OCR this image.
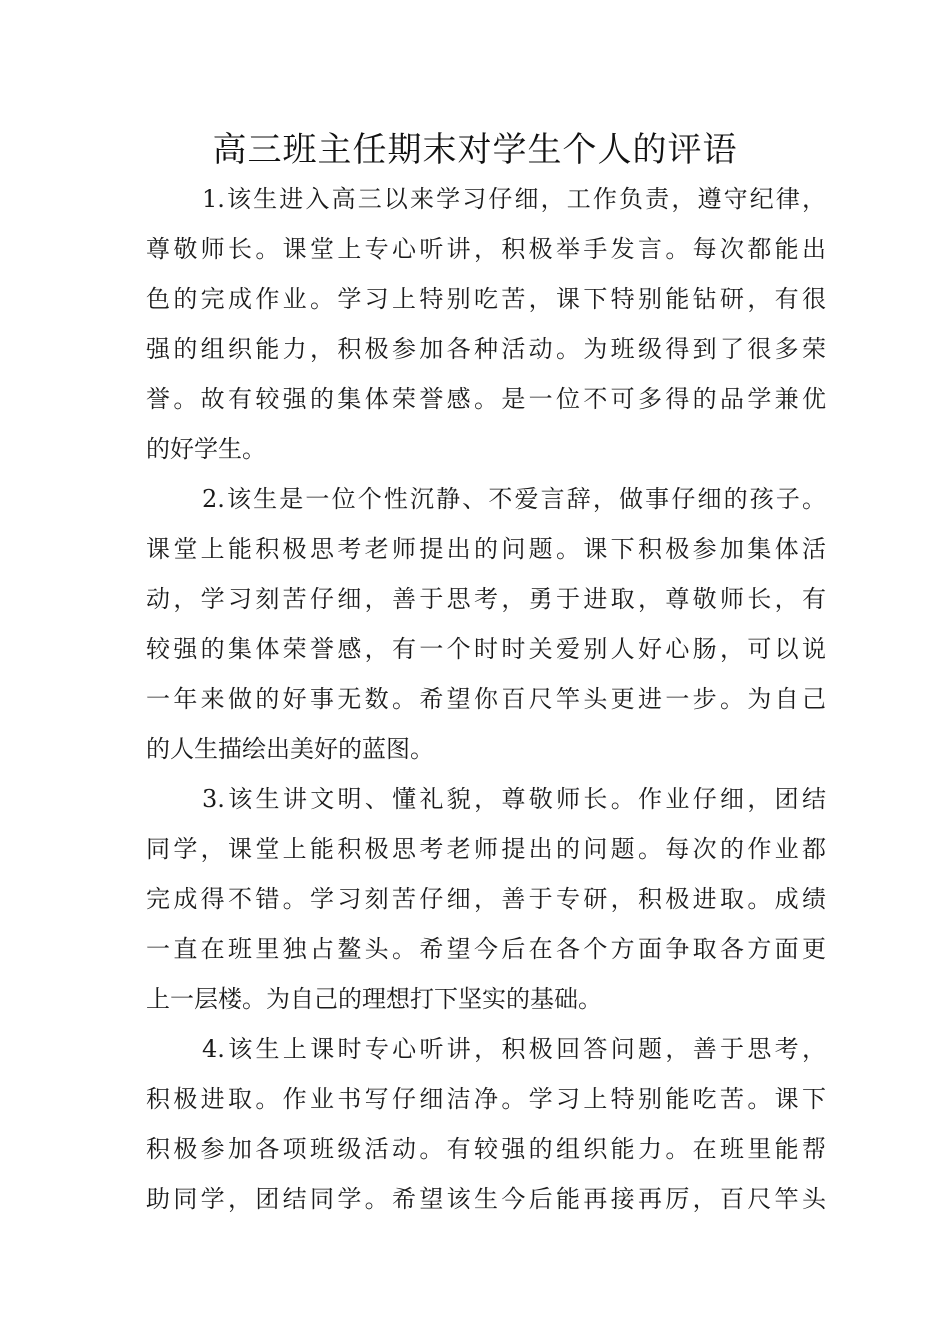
高三班主任期末对学生个人的评语
1.该生进入高三以来学习仔细，工作负责，遵守纪律，
尊敬师长。课堂上专心听讲，积极举手发言。每次都能出
色的完成作业。学习上特别吃苦，课下特别能钻研，有很
强的组织能力，积极参加各种活动。为班级得到了很多荣
誉。故有较强的集体荣誉感。是一位不可多得的品学兼优
的好学生。
2.该生是一位个性沉静、不爱言辞，做事仔细的孩子。
课堂上能积极思考老师提出的问题。课下积极参加集体活
动，学习刻苦仔细，善于思考，勇于进取，尊敬师长，有
较强的集体荣誉感，有一个时时关爱别人好心肠，可以说
一年来做的好事无数。希望你百尺竿头更进一步。为自己
的人生描绘出美好的蓝图。
3.该生讲文明、懂礼貌，尊敬师长。作业仔细，团结
同学，课堂上能积极思考老师提出的问题。每次的作业都
完成得不错。学习刻苦仔细，善于专研，积极进取。成绩
一直在班里独占鳌头。希望今后在各个方面争取各方面更
上一层楼。为自己的理想打下坚实的基础。
4.该生上课时专心听讲，积极回答问题，善于思考，
积极进取。作业书写仔细洁净。学习上特别能吃苦。课下
积极参加各项班级活动。有较强的组织能力。在班里能帮
助同学，团结同学。希望该生今后能再接再厉，百尺竿头
